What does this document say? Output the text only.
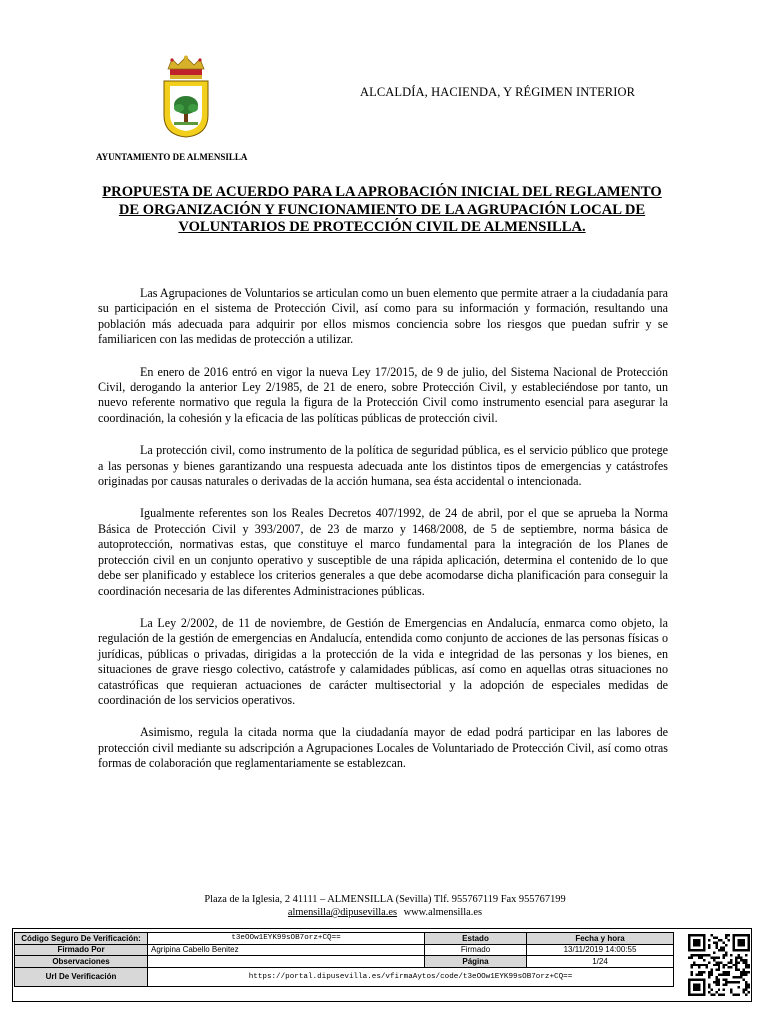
ALCALDÍA, HACIENDA, Y RÉGIMEN INTERIOR
AYUNTAMIENTO DE ALMENSILLA
PROPUESTA DE ACUERDO PARA LA APROBACIÓN INICIAL DEL REGLAMENTO DE ORGANIZACIÓN Y FUNCIONAMIENTO DE LA AGRUPACIÓN LOCAL DE VOLUNTARIOS DE PROTECCIÓN CIVIL DE ALMENSILLA.

Las Agrupaciones de Voluntarios se articulan como un buen elemento que permite atraer a la ciudadanía para su participación en el sistema de Protección Civil, así como para su información y formación, resultando una población más adecuada para adquirir por ellos mismos conciencia sobre los riesgos que puedan sufrir y se familiaricen con las medidas de protección a utilizar.

En enero de 2016 entró en vigor la nueva Ley 17/2015, de 9 de julio, del Sistema Nacional de Protección Civil, derogando la anterior Ley 2/1985, de 21 de enero, sobre Protección Civil, y estableciéndose por tanto, un nuevo referente normativo que regula la figura de la Protección Civil como instrumento esencial para asegurar la coordinación, la cohesión y la eficacia de las políticas públicas de protección civil.

La protección civil, como instrumento de la política de seguridad pública, es el servicio público que protege a las personas y bienes garantizando una respuesta adecuada ante los distintos tipos de emergencias y catástrofes originadas por causas naturales o derivadas de la acción humana, sea ésta accidental o intencionada.

Igualmente referentes son los Reales Decretos 407/1992, de 24 de abril, por el que se aprueba la Norma Básica de Protección Civil y 393/2007, de 23 de marzo y 1468/2008, de 5 de septiembre, norma básica de autoprotección, normativas estas, que constituye el marco fundamental para la integración de los Planes de protección civil en un conjunto operativo y susceptible de una rápida aplicación, determina el contenido de lo que debe ser planificado y establece los criterios generales a que debe acomodarse dicha planificación para conseguir la coordinación necesaria de las diferentes Administraciones públicas.

La Ley 2/2002, de 11 de noviembre, de Gestión de Emergencias en Andalucía, enmarca como objeto, la regulación de la gestión de emergencias en Andalucía, entendida como conjunto de acciones de las personas físicas o jurídicas, públicas o privadas, dirigidas a la protección de la vida e integridad de las personas y los bienes, en situaciones de grave riesgo colectivo, catástrofe y calamidades públicas, así como en aquellas otras situaciones no catastróficas que requieran actuaciones de carácter multisectorial y la adopción de especiales medidas de coordinación de los servicios operativos.

Asimismo, regula la citada norma que la ciudadanía mayor de edad podrá participar en las labores de protección civil mediante su adscripción a Agrupaciones Locales de Voluntariado de Protección Civil, así como otras formas de colaboración que reglamentariamente se establezcan.

Plaza de la Iglesia, 2 41111 – ALMENSILLA (Sevilla) Tlf. 955767119 Fax 955767199
almensilla@dipusevilla.es www.almensilla.es
Código Seguro De Verificación:	t3eOOw1EYK99sOB7orz+CQ==	Estado	Fecha y hora
Firmado Por	Agripina Cabello Benitez	Firmado	13/11/2019 14:00:55
Observaciones		Página	1/24
Url De Verificación	https://portal.dipusevilla.es/vfirmaAytos/code/t3eOOw1EYK99sOB7orz+CQ==		
